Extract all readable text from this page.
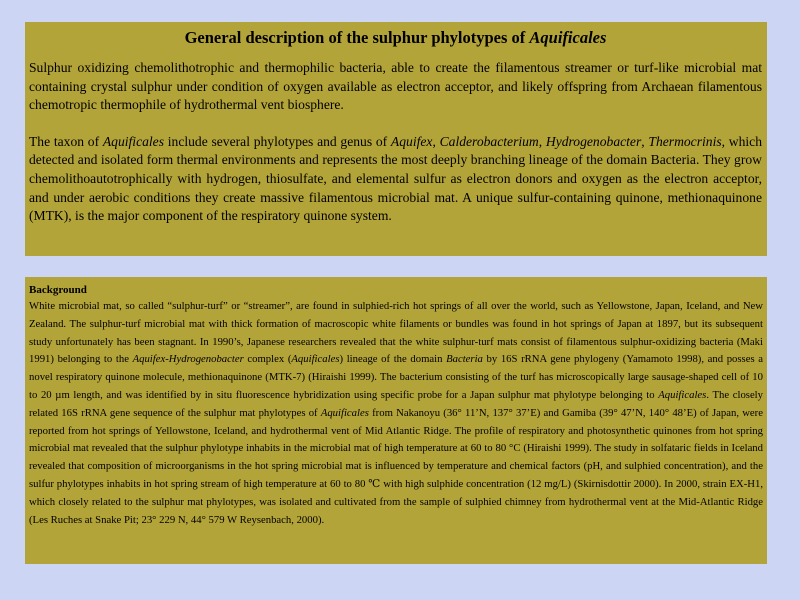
General description of the sulphur phylotypes of Aquificales

Sulphur oxidizing chemolithotrophic and thermophilic bacteria, able to create the filamentous streamer or turf-like microbial mat containing crystal sulphur under condition of oxygen available as electron acceptor, and likely offspring from Archaean filamentous chemotropic thermophile of hydrothermal vent biosphere.

The taxon of Aquificales include several phylotypes and genus of Aquifex, Calderobacterium, Hydrogenobacter, Thermocrinis, which detected and isolated form thermal environments and represents the most deeply branching lineage of the domain Bacteria. They grow chemolithoautotrophically with hydrogen, thiosulfate, and elemental sulfur as electron donors and oxygen as the electron acceptor, and under aerobic conditions they create massive filamentous microbial mat. A unique sulfur-containing quinone, methionaquinone (MTK), is the major component of the respiratory quinone system.

Background

White microbial mat, so called “sulphur-turf” or “streamer”, are found in sulphied-rich hot springs of all over the world, such as Yellowstone, Japan, Iceland, and New Zealand. The sulphur-turf microbial mat with thick formation of macroscopic white filaments or bundles was found in hot springs of Japan at 1897, but its subsequent study unfortunately has been stagnant. In 1990’s, Japanese researchers revealed that the white sulphur-turf mats consist of filamentous sulphur-oxidizing bacteria (Maki 1991) belonging to the Aquifex-Hydrogenobacter complex (Aquificales) lineage of the domain Bacteria by 16S rRNA gene phylogeny (Yamamoto 1998), and posses a novel respiratory quinone molecule, methionaquinone (MTK-7) (Hiraishi 1999). The bacterium consisting of the turf has microscopically large sausage-shaped cell of 10 to 20 µm length, and was identified by in situ fluorescence hybridization using specific probe for a Japan sulphur mat phylotype belonging to Aquificales. The closely related 16S rRNA gene sequence of the sulphur mat phylotypes of Aquificales from Nakanoyu (36° 11’N, 137° 37’E) and Gamiba (39° 47’N, 140° 48’E) of Japan, were reported from hot springs of Yellowstone, Iceland, and hydrothermal vent of Mid Atlantic Ridge. The profile of respiratory and photosynthetic quinones from hot spring microbial mat revealed that the sulphur phylotype inhabits in the microbial mat of high temperature at 60 to 80 °C (Hiraishi 1999). The study in solfataric fields in Iceland revealed that composition of microorganisms in the hot spring microbial mat is influenced by temperature and chemical factors (pH, and sulphied concentration), and the sulfur phylotypes inhabits in hot spring stream of high temperature at 60 to 80 ℃ with high sulphide concentration (12 mg/L) (Skirnisdottir 2000). In 2000, strain EX-H1, which closely related to the sulphur mat phylotypes, was isolated and cultivated from the sample of sulphied chimney from hydrothermal vent at the Mid-Atlantic Ridge (Les Ruches at Snake Pit; 23° 229 N, 44° 579 W Reysenbach, 2000).
